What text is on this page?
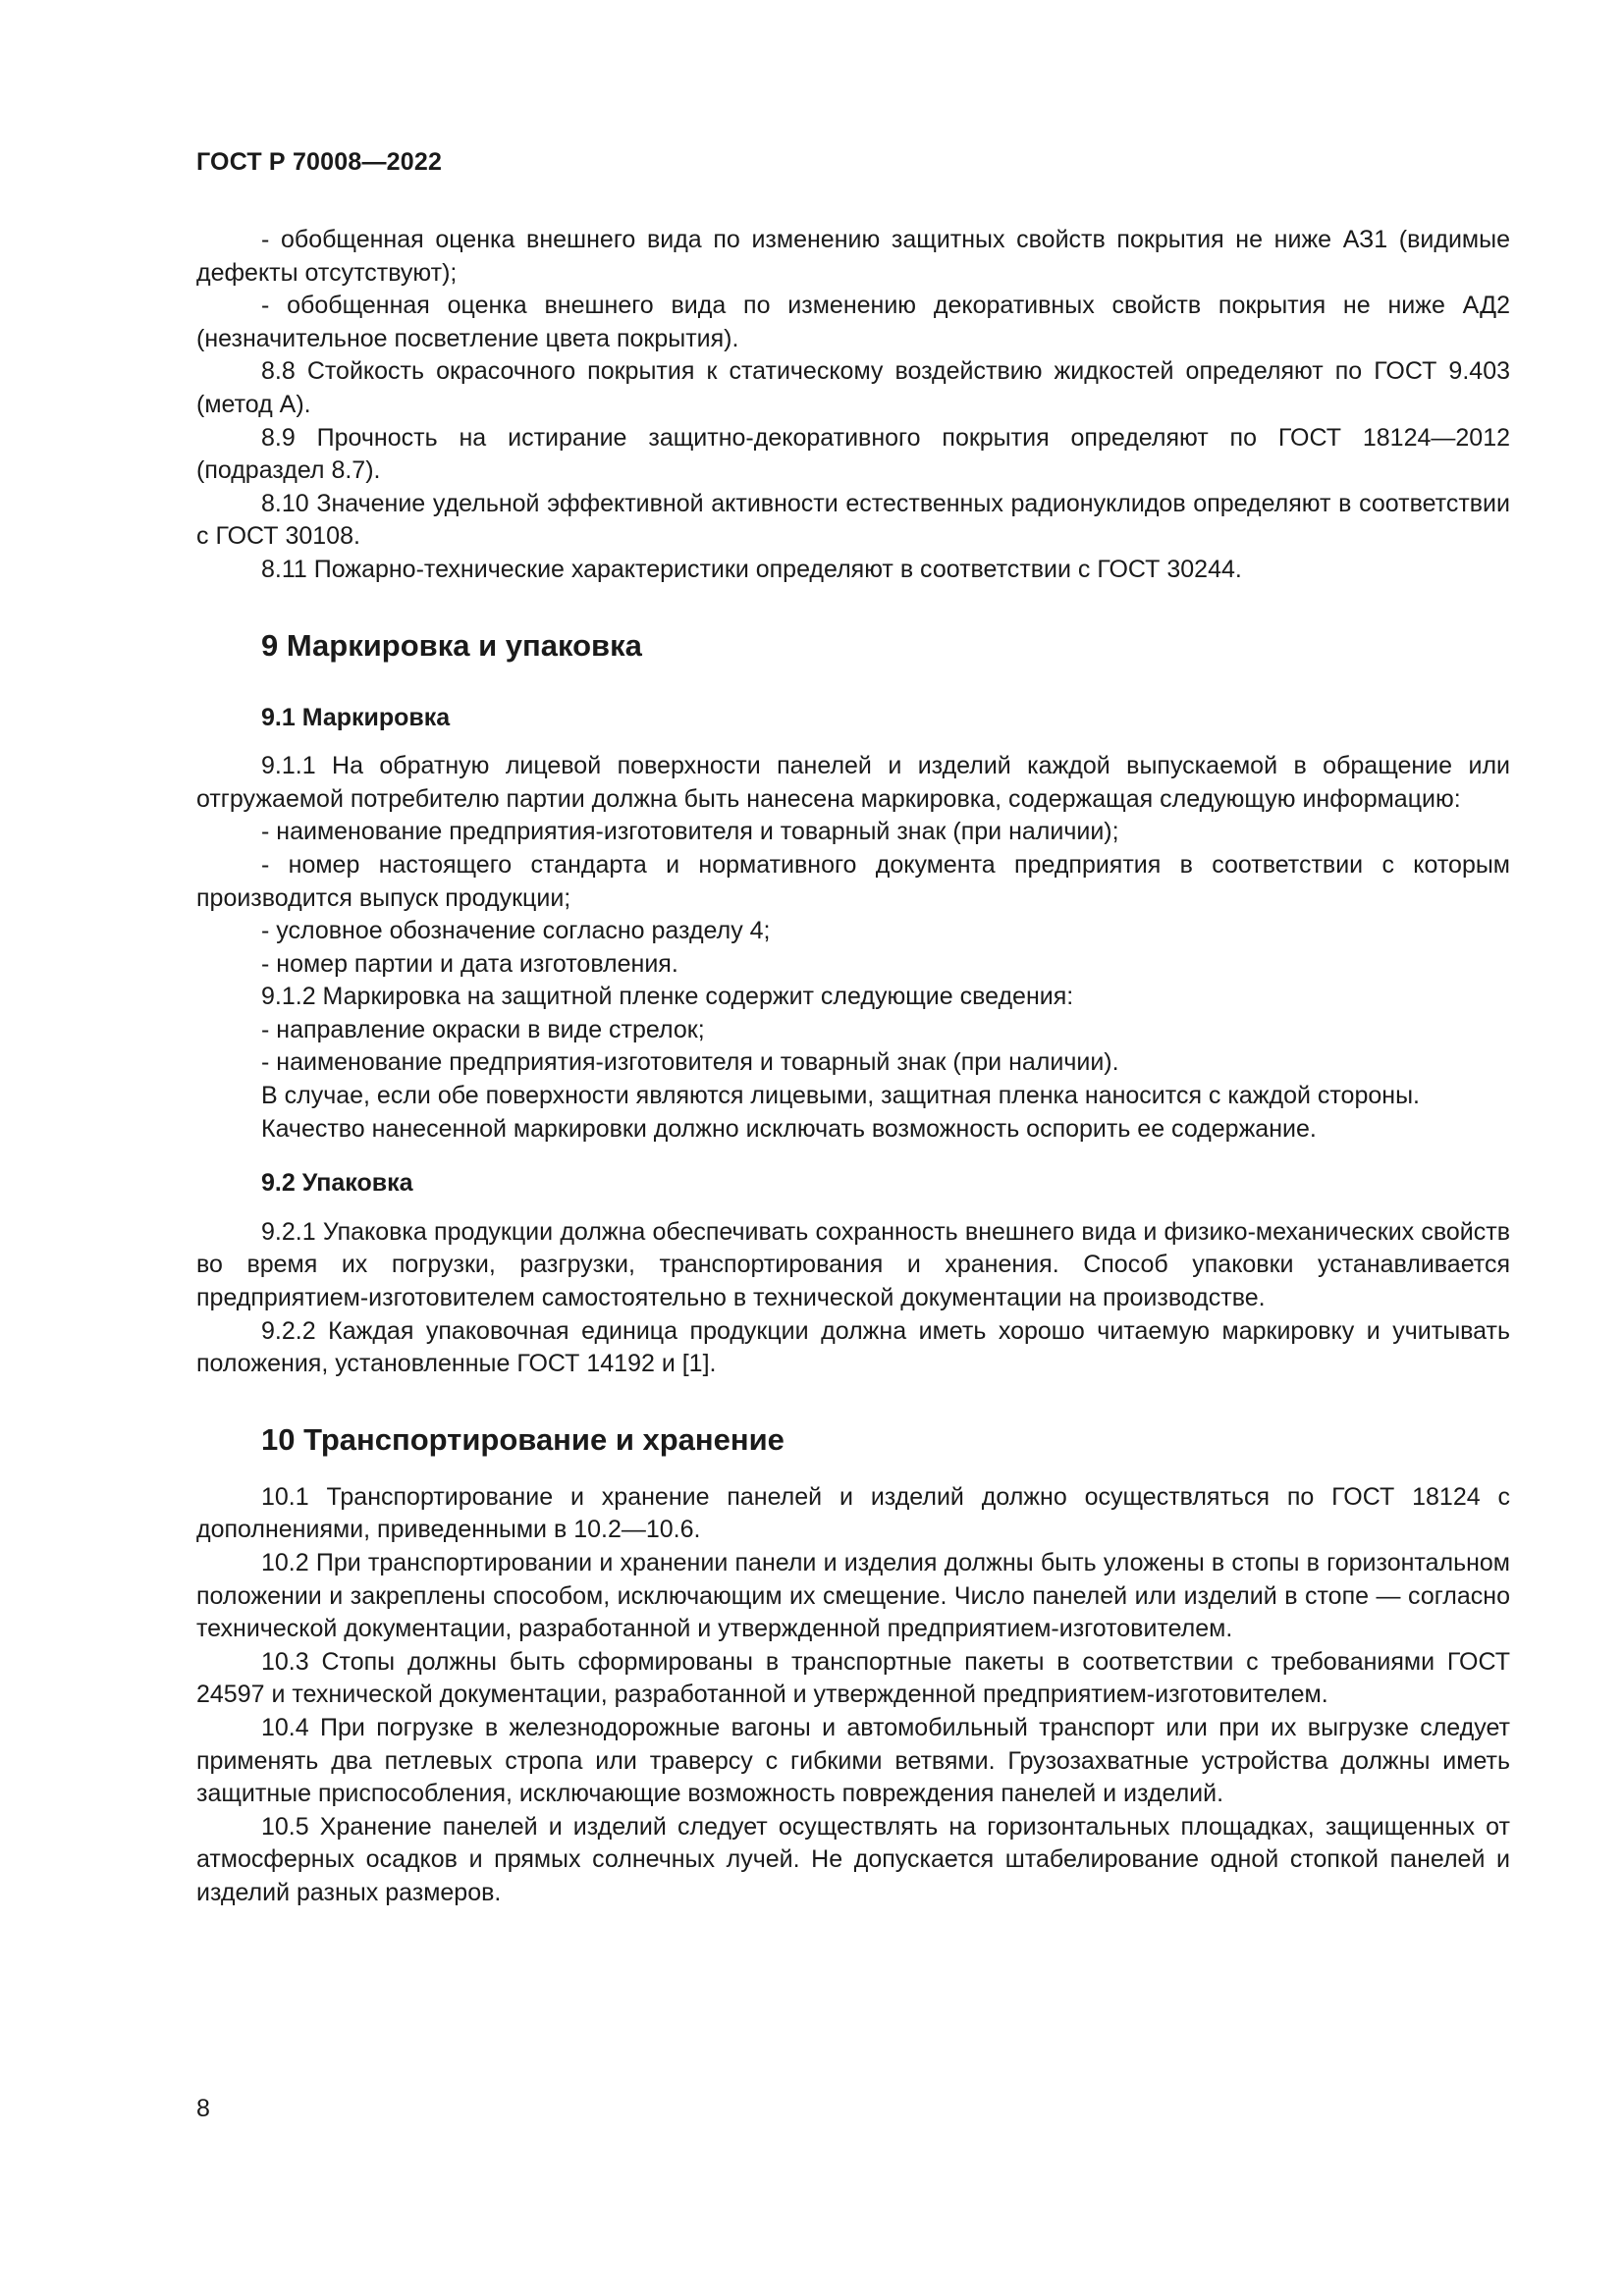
ГОСТ Р 70008—2022

- обобщенная оценка внешнего вида по изменению защитных свойств покрытия не ниже АЗ1 (видимые дефекты отсутствуют);

- обобщенная оценка внешнего вида по изменению декоративных свойств покрытия не ниже АД2 (незначительное посветление цвета покрытия).

8.8 Стойкость окрасочного покрытия к статическому воздействию жидкостей определяют по ГОСТ 9.403 (метод А).

8.9 Прочность на истирание защитно-декоративного покрытия определяют по ГОСТ 18124—2012 (подраздел 8.7).

8.10 Значение удельной эффективной активности естественных радионуклидов определяют в соответствии с ГОСТ 30108.

8.11 Пожарно-технические характеристики определяют в соответствии с ГОСТ 30244.

9 Маркировка и упаковка
9.1 Маркировка

9.1.1 На обратную лицевой поверхности панелей и изделий каждой выпускаемой в обращение или отгружаемой потребителю партии должна быть нанесена маркировка, содержащая следующую информацию:

- наименование предприятия-изготовителя и товарный знак (при наличии);

- номер настоящего стандарта и нормативного документа предприятия в соответствии с которым производится выпуск продукции;

- условное обозначение согласно разделу 4;

- номер партии и дата изготовления.

9.1.2 Маркировка на защитной пленке содержит следующие сведения:

- направление окраски в виде стрелок;

- наименование предприятия-изготовителя и товарный знак (при наличии).

В случае, если обе поверхности являются лицевыми, защитная пленка наносится с каждой стороны.

Качество нанесенной маркировки должно исключать возможность оспорить ее содержание.

9.2 Упаковка

9.2.1 Упаковка продукции должна обеспечивать сохранность внешнего вида и физико-механических свойств во время их погрузки, разгрузки, транспортирования и хранения. Способ упаковки устанавливается предприятием-изготовителем самостоятельно в технической документации на производстве.

9.2.2 Каждая упаковочная единица продукции должна иметь хорошо читаемую маркировку и учитывать положения, установленные ГОСТ 14192 и [1].

10 Транспортирование и хранение

10.1 Транспортирование и хранение панелей и изделий должно осуществляться по ГОСТ 18124 с дополнениями, приведенными в 10.2—10.6.

10.2 При транспортировании и хранении панели и изделия должны быть уложены в стопы в горизонтальном положении и закреплены способом, исключающим их смещение. Число панелей или изделий в стопе — согласно технической документации, разработанной и утвержденной предприятием-изготовителем.

10.3 Стопы должны быть сформированы в транспортные пакеты в соответствии с требованиями ГОСТ 24597 и технической документации, разработанной и утвержденной предприятием-изготовителем.

10.4 При погрузке в железнодорожные вагоны и автомобильный транспорт или при их выгрузке следует применять два петлевых стропа или траверсу с гибкими ветвями. Грузозахватные устройства должны иметь защитные приспособления, исключающие возможность повреждения панелей и изделий.

10.5 Хранение панелей и изделий следует осуществлять на горизонтальных площадках, защищенных от атмосферных осадков и прямых солнечных лучей. Не допускается штабелирование одной стопкой панелей и изделий разных размеров.

8
